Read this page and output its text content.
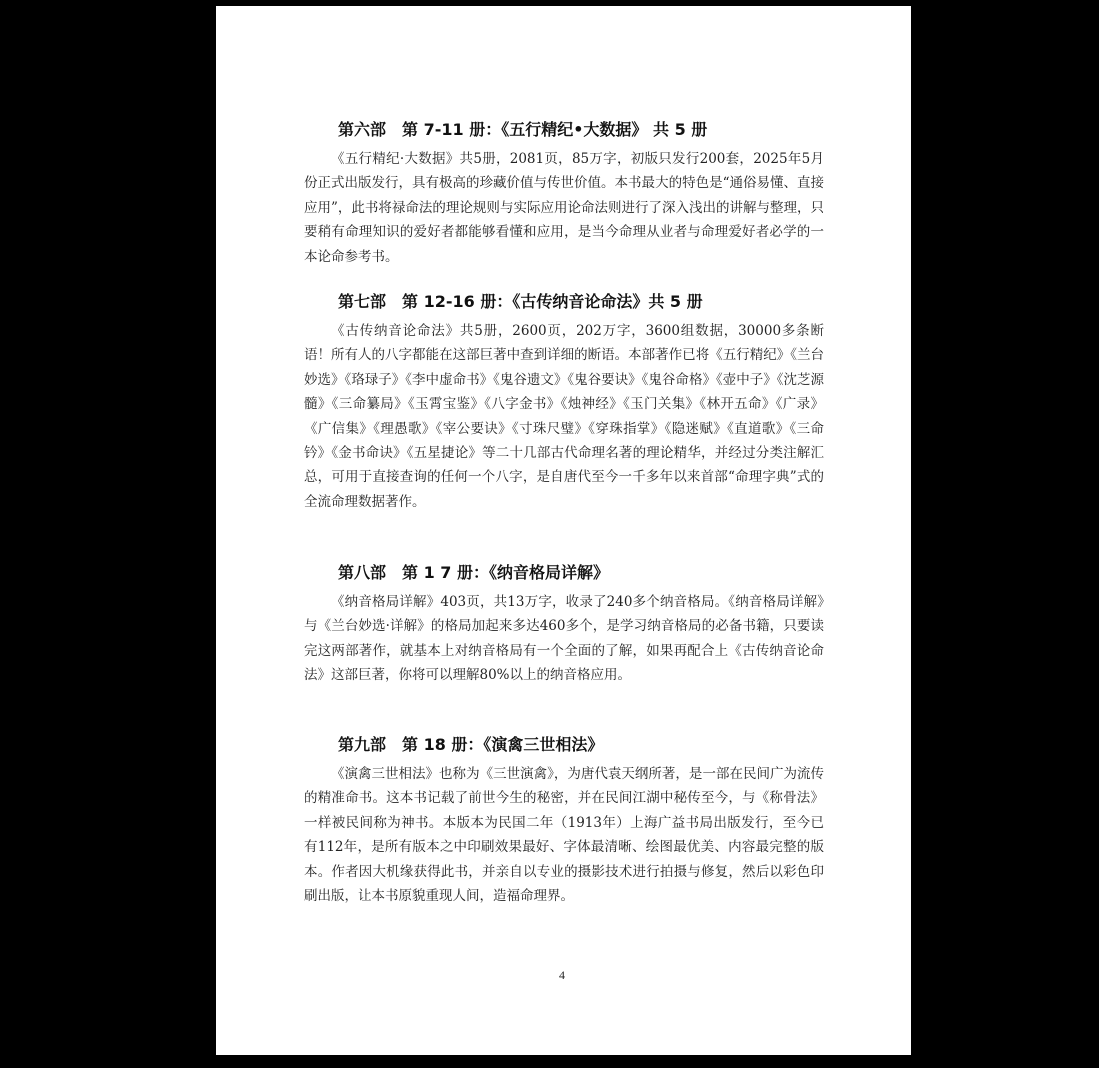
第六部 第 7-11 册：《五行精纪•大数据》 共 5 册

《五行精纪·大数据》共5册，2081页，85万字，初版只发行200套，2025年5月份正式出版发行，具有极高的珍藏价值与传世价值。本书最大的特色是“通俗易懂、直接应用”，此书将禄命法的理论规则与实际应用论命法则进行了深入浅出的讲解与整理，只要稍有命理知识的爱好者都能够看懂和应用，是当今命理从业者与命理爱好者必学的一本论命参考书。

第七部 第 12-16 册：《古传纳音论命法》共 5 册

《古传纳音论命法》共5册，2600页，202万字，3600组数据，30000多条断语！所有人的八字都能在这部巨著中查到详细的断语。本部著作已将《五行精纪》《兰台妙选》《珞琭子》《李中虚命书》《鬼谷遗文》《鬼谷要诀》《鬼谷命格》《壶中子》《沈芝源髓》《三命纂局》《玉霄宝鉴》《八字金书》《烛神经》《玉门关集》《林开五命》《广录》《广信集》《理愚歌》《宰公要诀》《寸珠尺璧》《穿珠指掌》《隐迷赋》《直道歌》《三命钤》《金书命诀》《五星捷论》等二十几部古代命理名著的理论精华，并经过分类注解汇总，可用于直接查询的任何一个八字，是自唐代至今一千多年以来首部“命理字典”式的全流命理数据著作。

第八部 第 1 7 册：《纳音格局详解》

《纳音格局详解》403页，共13万字，收录了240多个纳音格局。《纳音格局详解》与《兰台妙选·详解》的格局加起来多达460多个，是学习纳音格局的必备书籍，只要读完这两部著作，就基本上对纳音格局有一个全面的了解，如果再配合上《古传纳音论命法》这部巨著，你将可以理解80%以上的纳音格应用。

第九部 第 18 册：《演禽三世相法》

《演禽三世相法》也称为《三世演禽》，为唐代袁天纲所著，是一部在民间广为流传的精准命书。这本书记载了前世今生的秘密，并在民间江湖中秘传至今，与《称骨法》一样被民间称为神书。本版本为民国二年（1913年）上海广益书局出版发行，至今已有112年，是所有版本之中印刷效果最好、字体最清晰、绘图最优美、内容最完整的版本。作者因大机缘获得此书，并亲自以专业的摄影技术进行拍摄与修复，然后以彩色印刷出版，让本书原貌重现人间，造福命理界。

4
